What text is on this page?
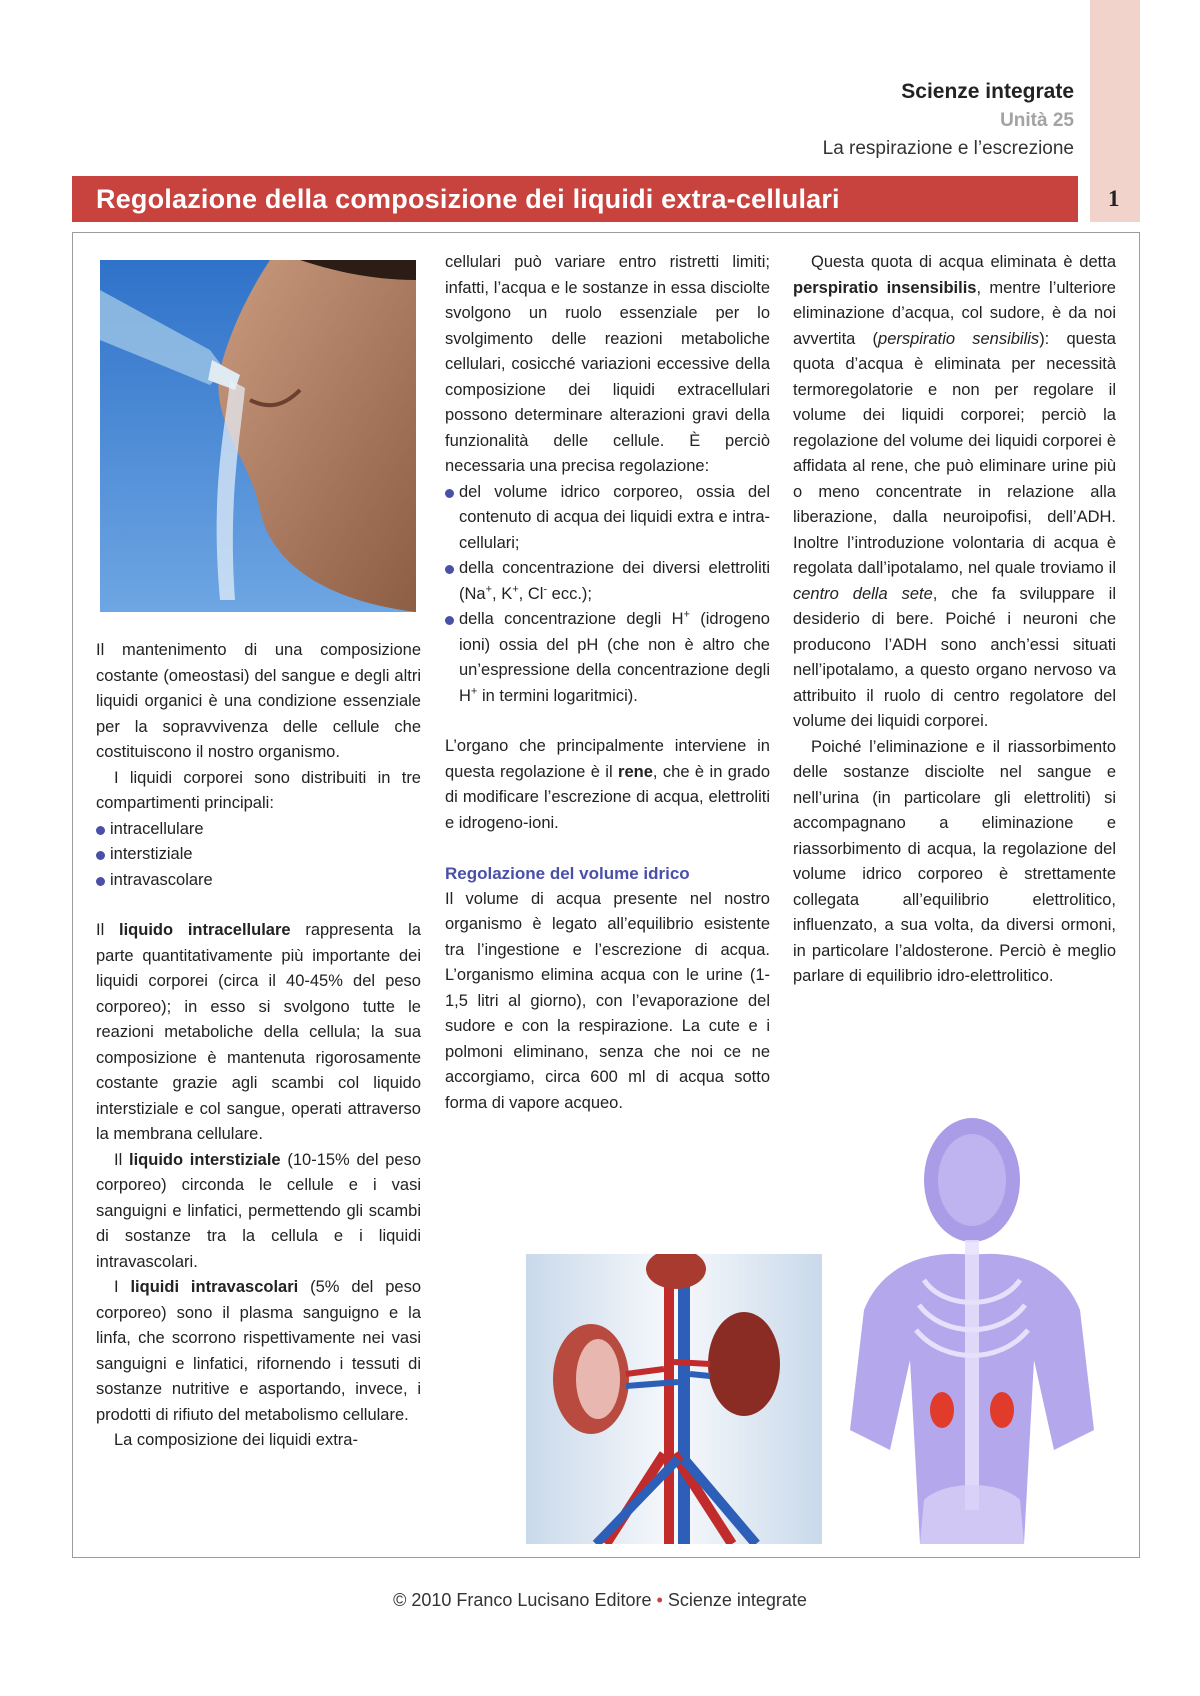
Scienze integrate
Unità 25
La respirazione e l’escrezione
Regolazione della composizione dei liquidi extra-cellulari	1

Il mantenimento di una composizione costante (omeostasi) del sangue e degli altri liquidi organici è una condizione essenziale per la sopravvivenza delle cellule che costituiscono il nostro organismo.

I liquidi corporei sono distribuiti in tre compartimenti principali:

intracellulare
interstiziale
intravascolare

Il liquido intracellulare rappresenta la parte quantitativamente più importante dei liquidi corporei (circa il 40-45% del peso corporeo); in esso si svolgono tutte le reazioni metaboliche della cellula; la sua composizione è mantenuta rigorosamente costante grazie agli scambi col liquido interstiziale e col sangue, operati attraverso la membrana cellulare.

Il liquido interstiziale (10-15% del peso corporeo) circonda le cellule e i vasi sanguigni e linfatici, permettendo gli scambi di sostanze tra la cellula e i liquidi intravascolari.

I liquidi intravascolari (5% del peso corporeo) sono il plasma sanguigno e la linfa, che scorrono rispettivamente nei vasi sanguigni e linfatici, rifornendo i tessuti di sostanze nutritive e asportando, invece, i prodotti di rifiuto del metabolismo cellulare.

La composizione dei liquidi extra-

cellulari può variare entro ristretti limiti; infatti, l’acqua e le sostanze in essa disciolte svolgono un ruolo essenziale per lo svolgimento delle reazioni metaboliche cellulari, cosicché variazioni eccessive della composizione dei liquidi extracellulari possono determinare alterazioni gravi della funzionalità delle cellule. È perciò necessaria una precisa regolazione:

del volume idrico corporeo, ossia del contenuto di acqua dei liquidi extra e intra-cellulari;
della concentrazione dei diversi elettroliti (Na+, K+, Cl- ecc.);
della concentrazione degli H+ (idrogeno ioni) ossia del pH (che non è altro che un’espressione della concentrazione degli H+ in termini logaritmici).

L’organo che principalmente interviene in questa regolazione è il rene, che è in grado di modificare l’escrezione di acqua, elettroliti e idrogeno-ioni.

Regolazione del volume idrico

Il volume di acqua presente nel nostro organismo è legato all’equilibrio esistente tra l’ingestione e l’escrezione di acqua. L’organismo elimina acqua con le urine (1-1,5 litri al giorno), con l’evaporazione del sudore e con la respirazione. La cute e i polmoni eliminano, senza che noi ce ne accorgiamo, circa 600 ml di acqua sotto forma di vapore acqueo.

Questa quota di acqua eliminata è detta perspiratio insensibilis, mentre l’ulteriore eliminazione d’acqua, col sudore, è da noi avvertita (perspiratio sensibilis): questa quota d’acqua è eliminata per necessità termoregolatorie e non per regolare il volume dei liquidi corporei; perciò la regolazione del volume dei liquidi corporei è affidata al rene, che può eliminare urine più o meno concentrate in relazione alla liberazione, dalla neuroipofisi, dell’ADH. Inoltre l’introduzione volontaria di acqua è regolata dall’ipotalamo, nel quale troviamo il centro della sete, che fa sviluppare il desiderio di bere. Poiché i neuroni che producono l’ADH sono anch’essi situati nell’ipotalamo, a questo organo nervoso va attribuito il ruolo di centro regolatore del volume dei liquidi corporei.

Poiché l’eliminazione e il riassorbimento delle sostanze disciolte nel sangue e nell’urina (in particolare gli elettroliti) si accompagnano a eliminazione e riassorbimento di acqua, la regolazione del volume idrico corporeo è strettamente collegata all’equilibrio elettrolitico, influenzato, a sua volta, da diversi ormoni, in particolare l’aldosterone. Perciò è meglio parlare di equilibrio idro-elettrolitico.

© 2010 Franco Lucisano Editore • Scienze integrate
